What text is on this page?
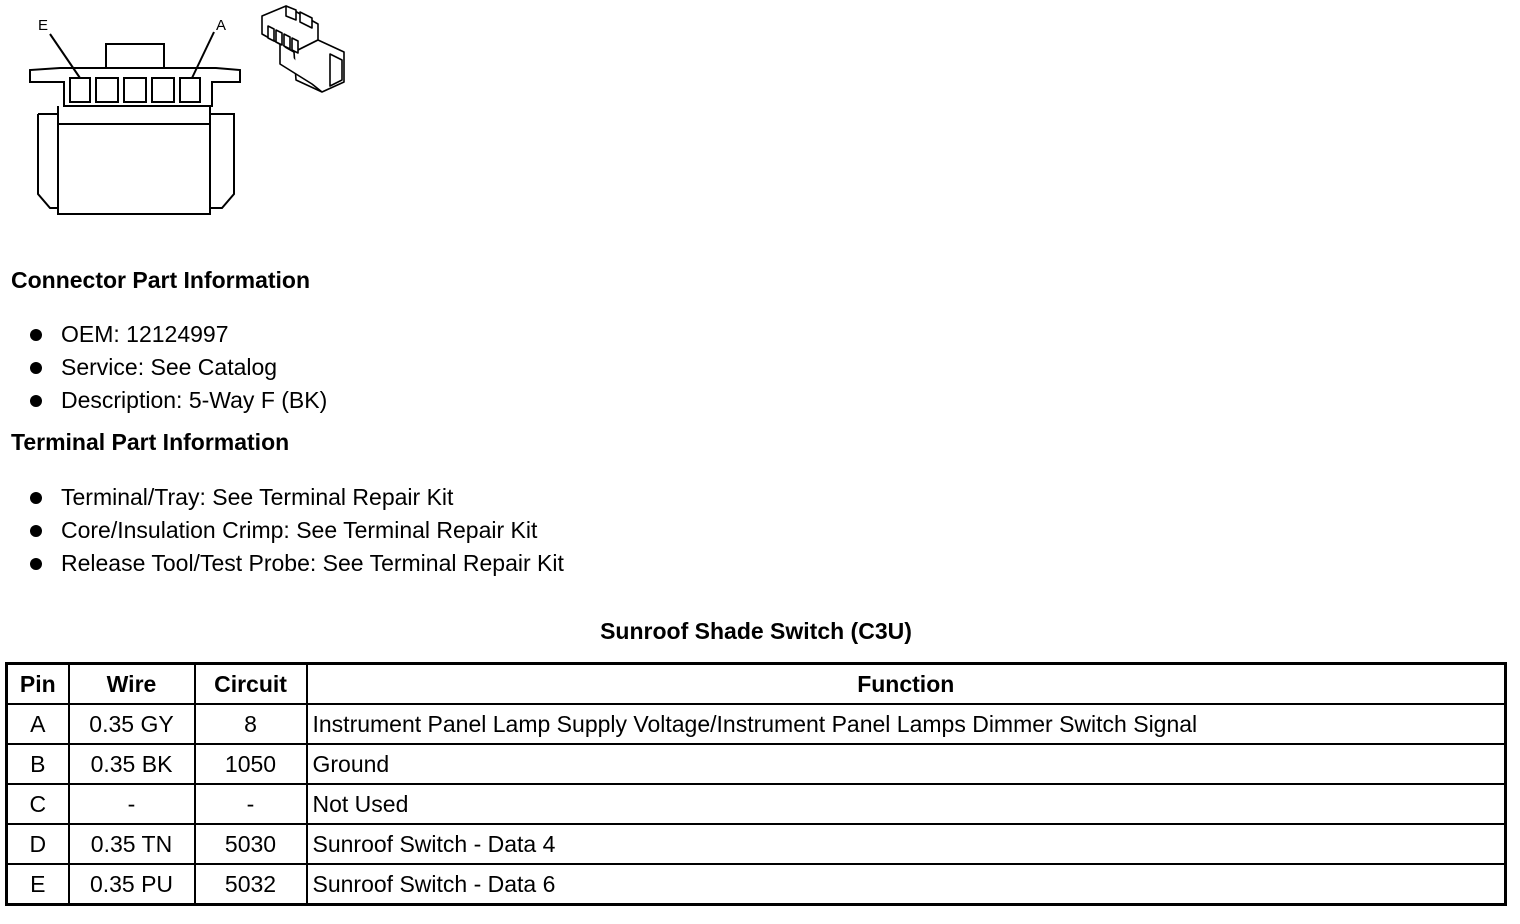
E	A
Connector Part Information
OEM: 12124997
Service: See Catalog
Description: 5-Way F (BK)
Terminal Part Information
Terminal/Tray: See Terminal Repair Kit
Core/Insulation Crimp: See Terminal Repair Kit
Release Tool/Test Probe: See Terminal Repair Kit
Sunroof Shade Switch (C3U)
Pin	Wire	Circuit	Function
A	0.35 GY	8	Instrument Panel Lamp Supply Voltage/Instrument Panel Lamps Dimmer Switch Signal
B	0.35 BK	1050	Ground
C	-	-	Not Used
D	0.35 TN	5030	Sunroof Switch - Data 4
E	0.35 PU	5032	Sunroof Switch - Data 6
